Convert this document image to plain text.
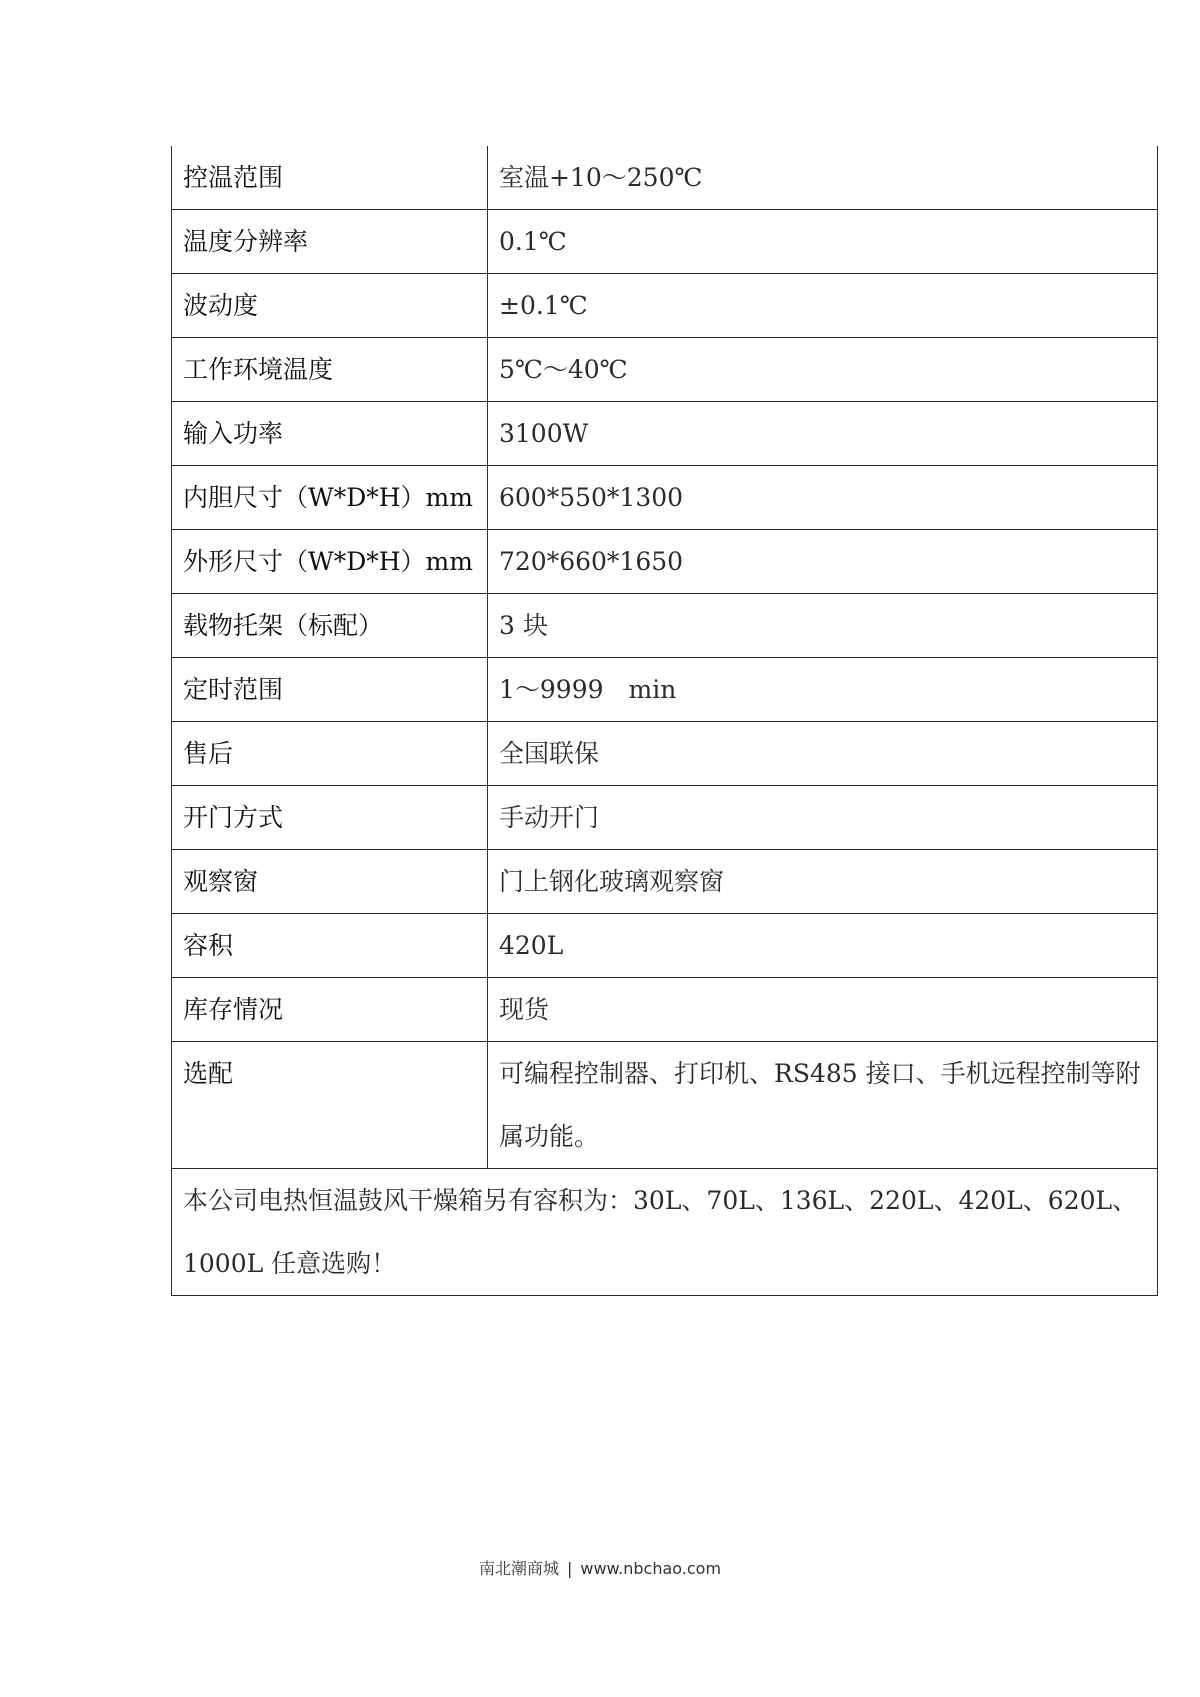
控温范围	室温+10～250℃
温度分辨率	0.1℃
波动度	±0.1℃
工作环境温度	5℃～40℃
输入功率	3100W
内胆尺寸（W*D*H）mm	600*550*1300
外形尺寸（W*D*H）mm	720*660*1650
载物托架（标配）	3 块
定时范围	1～9999　min
售后	全国联保
开门方式	手动开门
观察窗	门上钢化玻璃观察窗
容积	420L
库存情况	现货
选配	可编程控制器、打印机、RS485 接口、手机远程控制等附属功能。
本公司电热恒温鼓风干燥箱另有容积为：30L、70L、136L、220L、420L、620L、1000L 任意选购！	
南北潮商城 | www.nbchao.com
